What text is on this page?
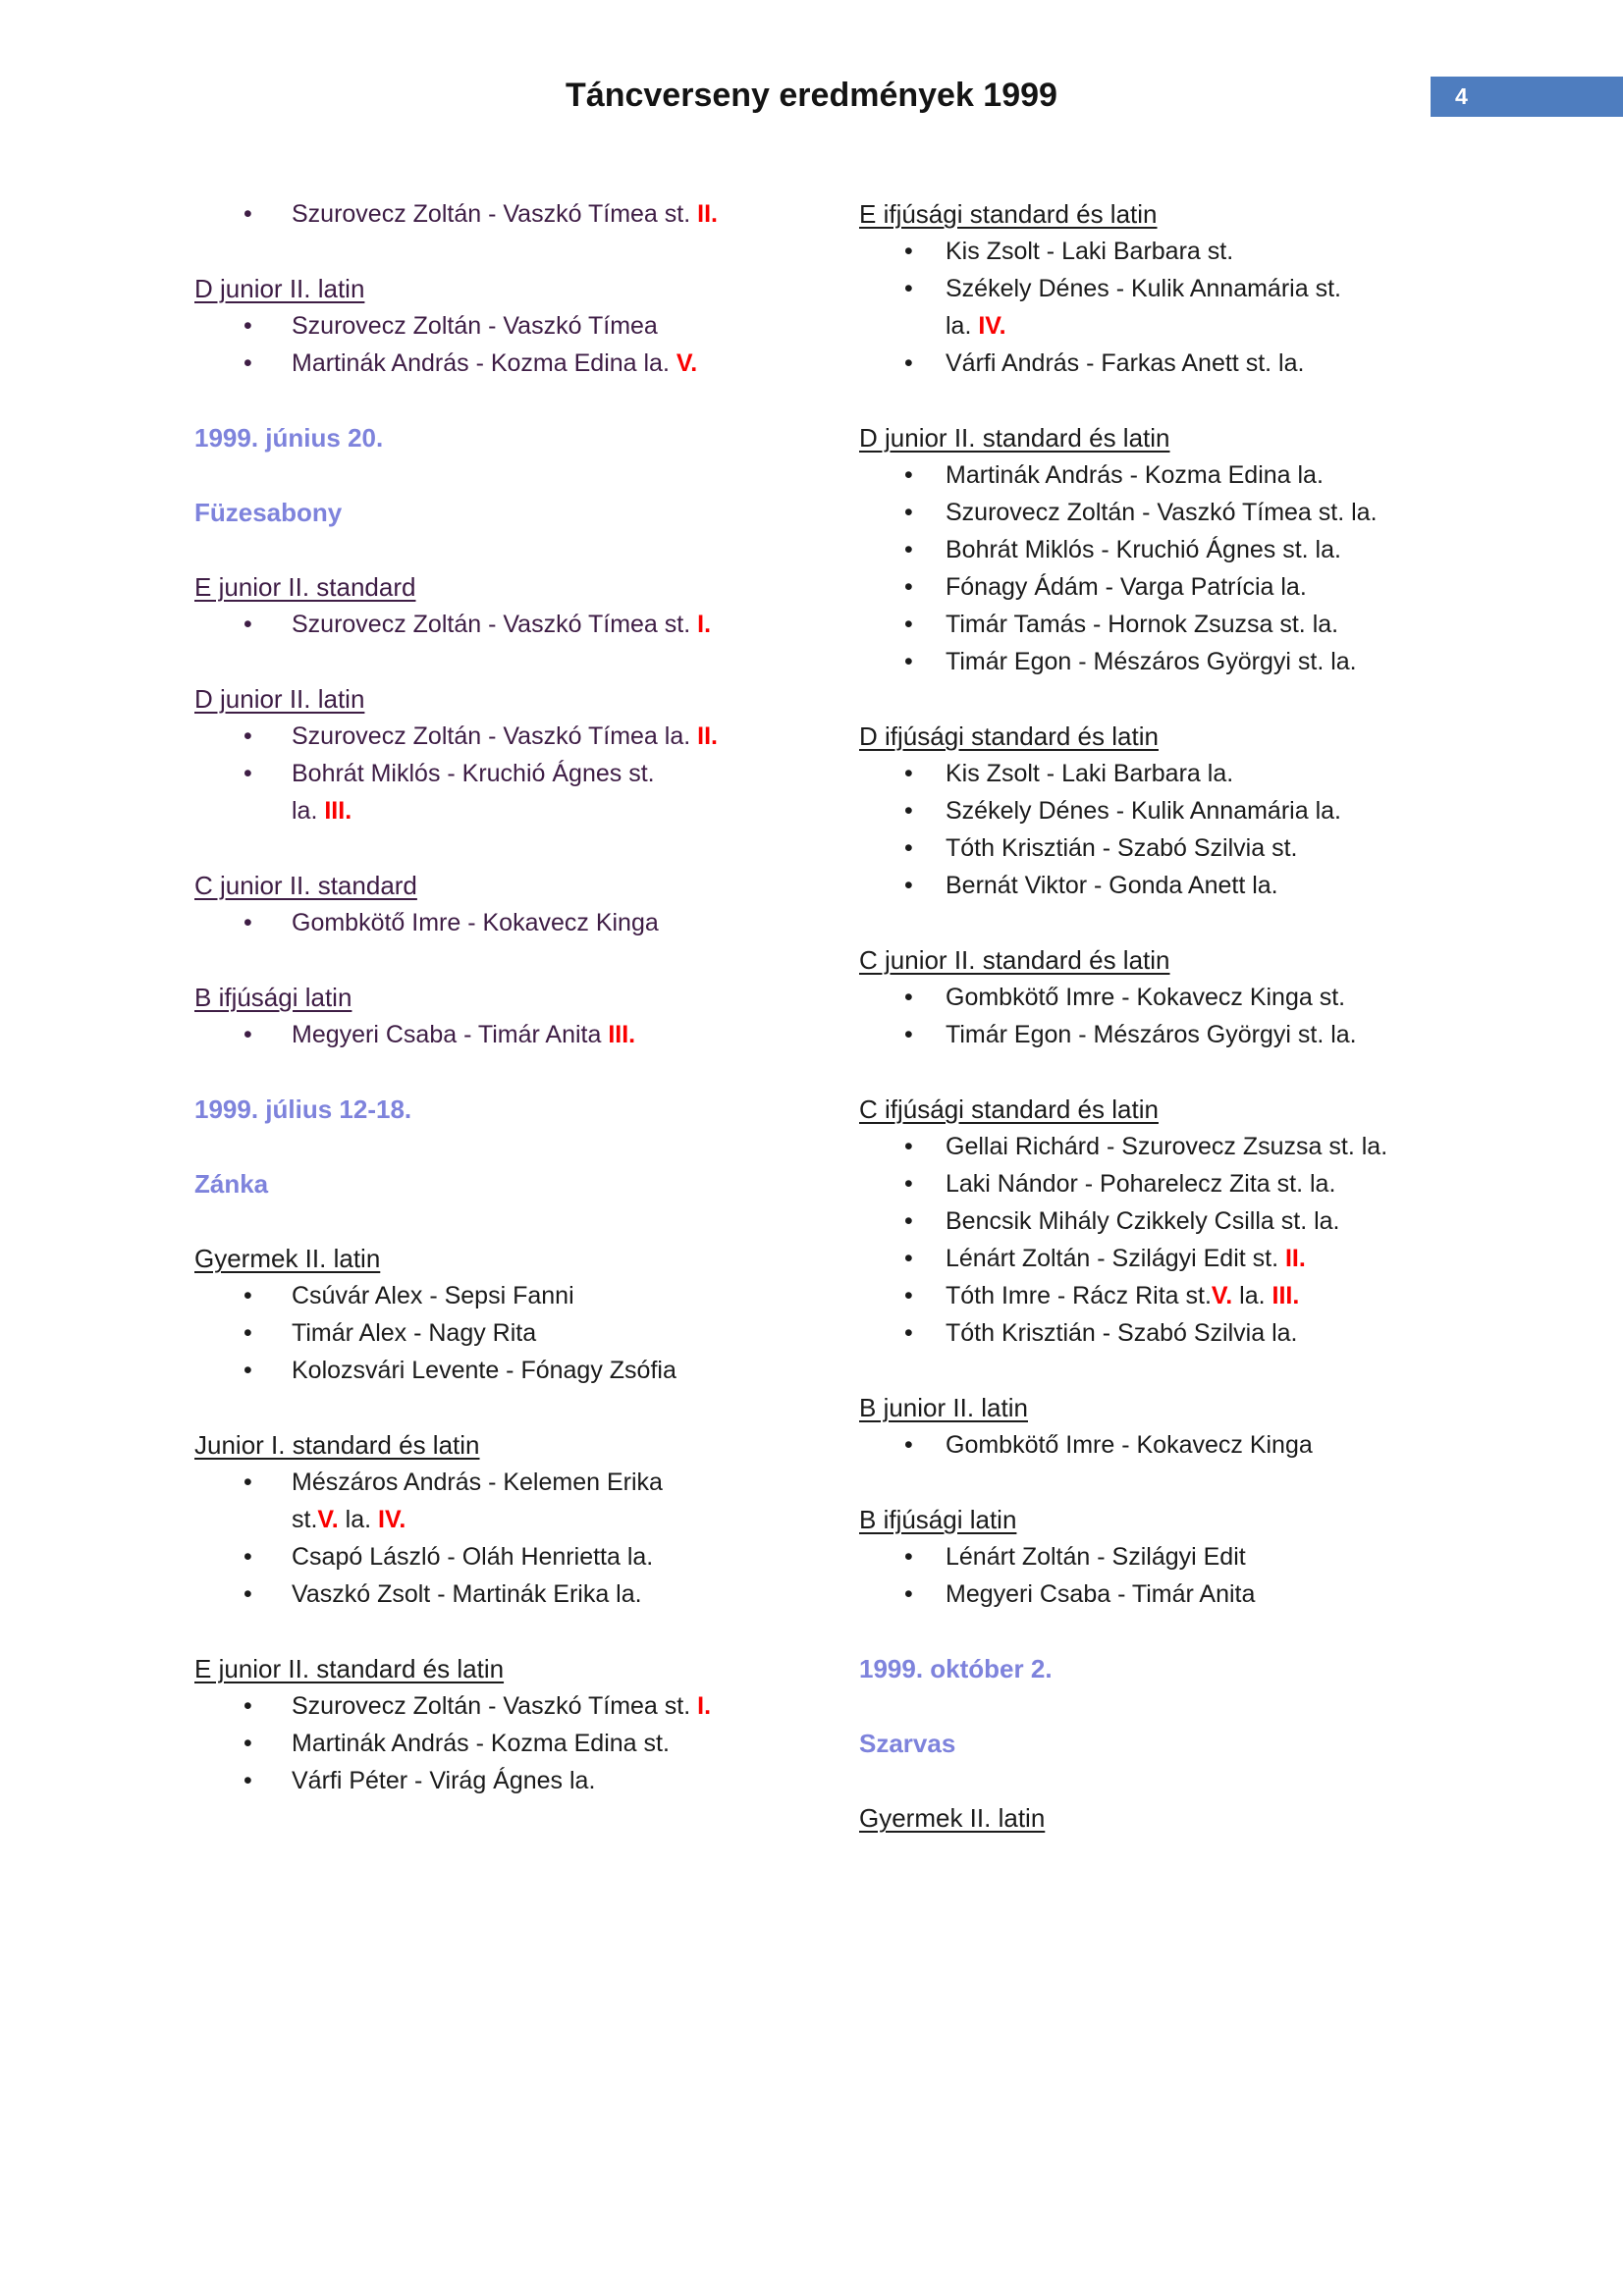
Táncverseny eredmények 1999	4
• Szurovecz Zoltán - Vaszkó Tímea st. II.
D junior II. latin
• Szurovecz Zoltán - Vaszkó Tímea
• Martinák András - Kozma Edina la. V.
1999. június 20.
Füzesabony
E junior II. standard
• Szurovecz Zoltán - Vaszkó Tímea st. I.
D junior II. latin
• Szurovecz Zoltán - Vaszkó Tímea la. II.
• Bohrát Miklós - Kruchió Ágnes st.
la. III.
C junior II. standard
• Gombkötő Imre - Kokavecz Kinga
B ifjúsági latin
• Megyeri Csaba - Timár Anita III.
1999. július 12-18.
Zánka
Gyermek II. latin
• Csúvár Alex - Sepsi Fanni
• Timár Alex - Nagy Rita
• Kolozsvári Levente - Fónagy Zsófia
Junior I. standard és latin
• Mészáros András - Kelemen Erika
st.V. la. IV.
• Csapó László - Oláh Henrietta la.
• Vaszkó Zsolt - Martinák Erika la.
E junior II. standard és latin
• Szurovecz Zoltán - Vaszkó Tímea st. I.
• Martinák András - Kozma Edina st.
• Várfi Péter - Virág Ágnes la.
E ifjúsági standard és latin
• Kis Zsolt - Laki Barbara st.
• Székely Dénes - Kulik Annamária st.
la. IV.
• Várfi András - Farkas Anett st. la.
D junior II. standard és latin
• Martinák András - Kozma Edina la.
• Szurovecz Zoltán - Vaszkó Tímea st. la.
• Bohrát Miklós - Kruchió Ágnes st. la.
• Fónagy Ádám - Varga Patrícia la.
• Timár Tamás - Hornok Zsuzsa st. la.
• Timár Egon - Mészáros Györgyi st. la.
D ifjúsági standard és latin
• Kis Zsolt - Laki Barbara la.
• Székely Dénes - Kulik Annamária la.
• Tóth Krisztián - Szabó Szilvia st.
• Bernát Viktor - Gonda Anett la.
C junior II. standard és latin
• Gombkötő Imre - Kokavecz Kinga st.
• Timár Egon - Mészáros Györgyi st. la.
C ifjúsági standard és latin
• Gellai Richárd - Szurovecz Zsuzsa st. la.
• Laki Nándor - Poharelecz Zita st. la.
• Bencsik Mihály Czikkely Csilla st. la.
• Lénárt Zoltán - Szilágyi Edit st. II.
• Tóth Imre - Rácz Rita st.V. la. III.
• Tóth Krisztián - Szabó Szilvia la.
B junior II. latin
• Gombkötő Imre - Kokavecz Kinga
B ifjúsági latin
• Lénárt Zoltán - Szilágyi Edit
• Megyeri Csaba - Timár Anita
1999. október 2.
Szarvas
Gyermek II. latin
